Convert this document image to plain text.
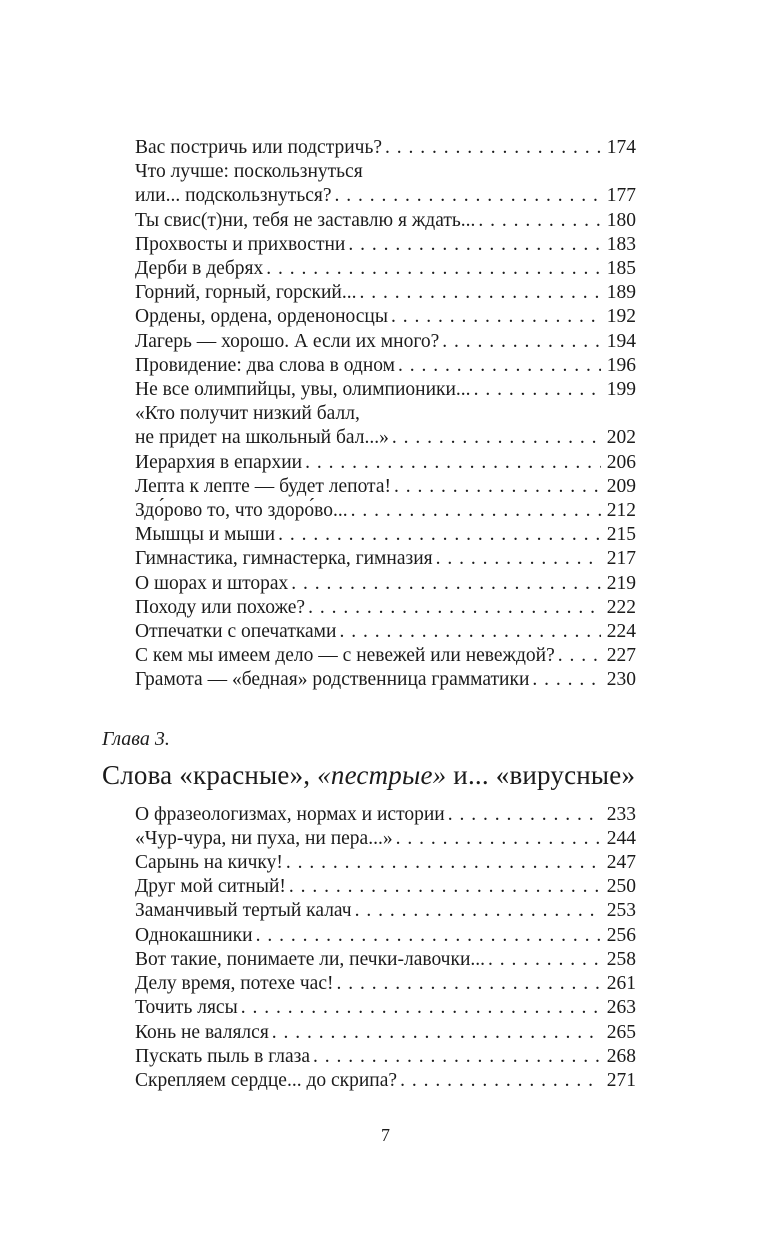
Вас постричь или подстричь? . . .	174
Что лучше: поскользнуться
или... подскользнуться? . . .	177
Ты свис(т)ни, тебя не заставлю я ждать... . . .	180
Прохвосты и прихвостни . . .	183
Дерби в дебрях . . .	185
Горний, горный, горский... . . .	189
Ордены, ордена, орденоносцы . . .	192
Лагерь — хорошо. А если их много? . . .	194
Провидение: два слова в одном . . .	196
Не все олимпийцы, увы, олимпионики... . . .	199
«Кто получит низкий балл,
не придет на школьный бал...» . . .	202
Иерархия в епархии . . .	206
Лепта к лепте — будет лепота! . . .	209
Здо́рово то, что здоро́во... . . .	212
Мышцы и мыши . . .	215
Гимнастика, гимнастерка, гимназия . . .	217
О шорах и шторах . . .	219
Походу или похоже? . . .	222
Отпечатки с опечатками . . .	224
С кем мы имеем дело — с невежей или невеждой? . . .	227
Грамота — «бедная» родственница грамматики . . .	230
Глава 3.
Слова «красные», «пестрые» и... «вирусные»
О фразеологизмах, нормах и истории . . .	233
«Чур-чура, ни пуха, ни пера...» . . .	244
Сарынь на кичку! . . .	247
Друг мой ситный! . . .	250
Заманчивый тертый калач . . .	253
Однокашники . . .	256
Вот такие, понимаете ли, печки-лавочки... . . .	258
Делу время, потехе час! . . .	261
Точить лясы . . .	263
Конь не валялся . . .	265
Пускать пыль в глаза . . .	268
Скрепляем сердце... до скрипа? . . .	271
7
